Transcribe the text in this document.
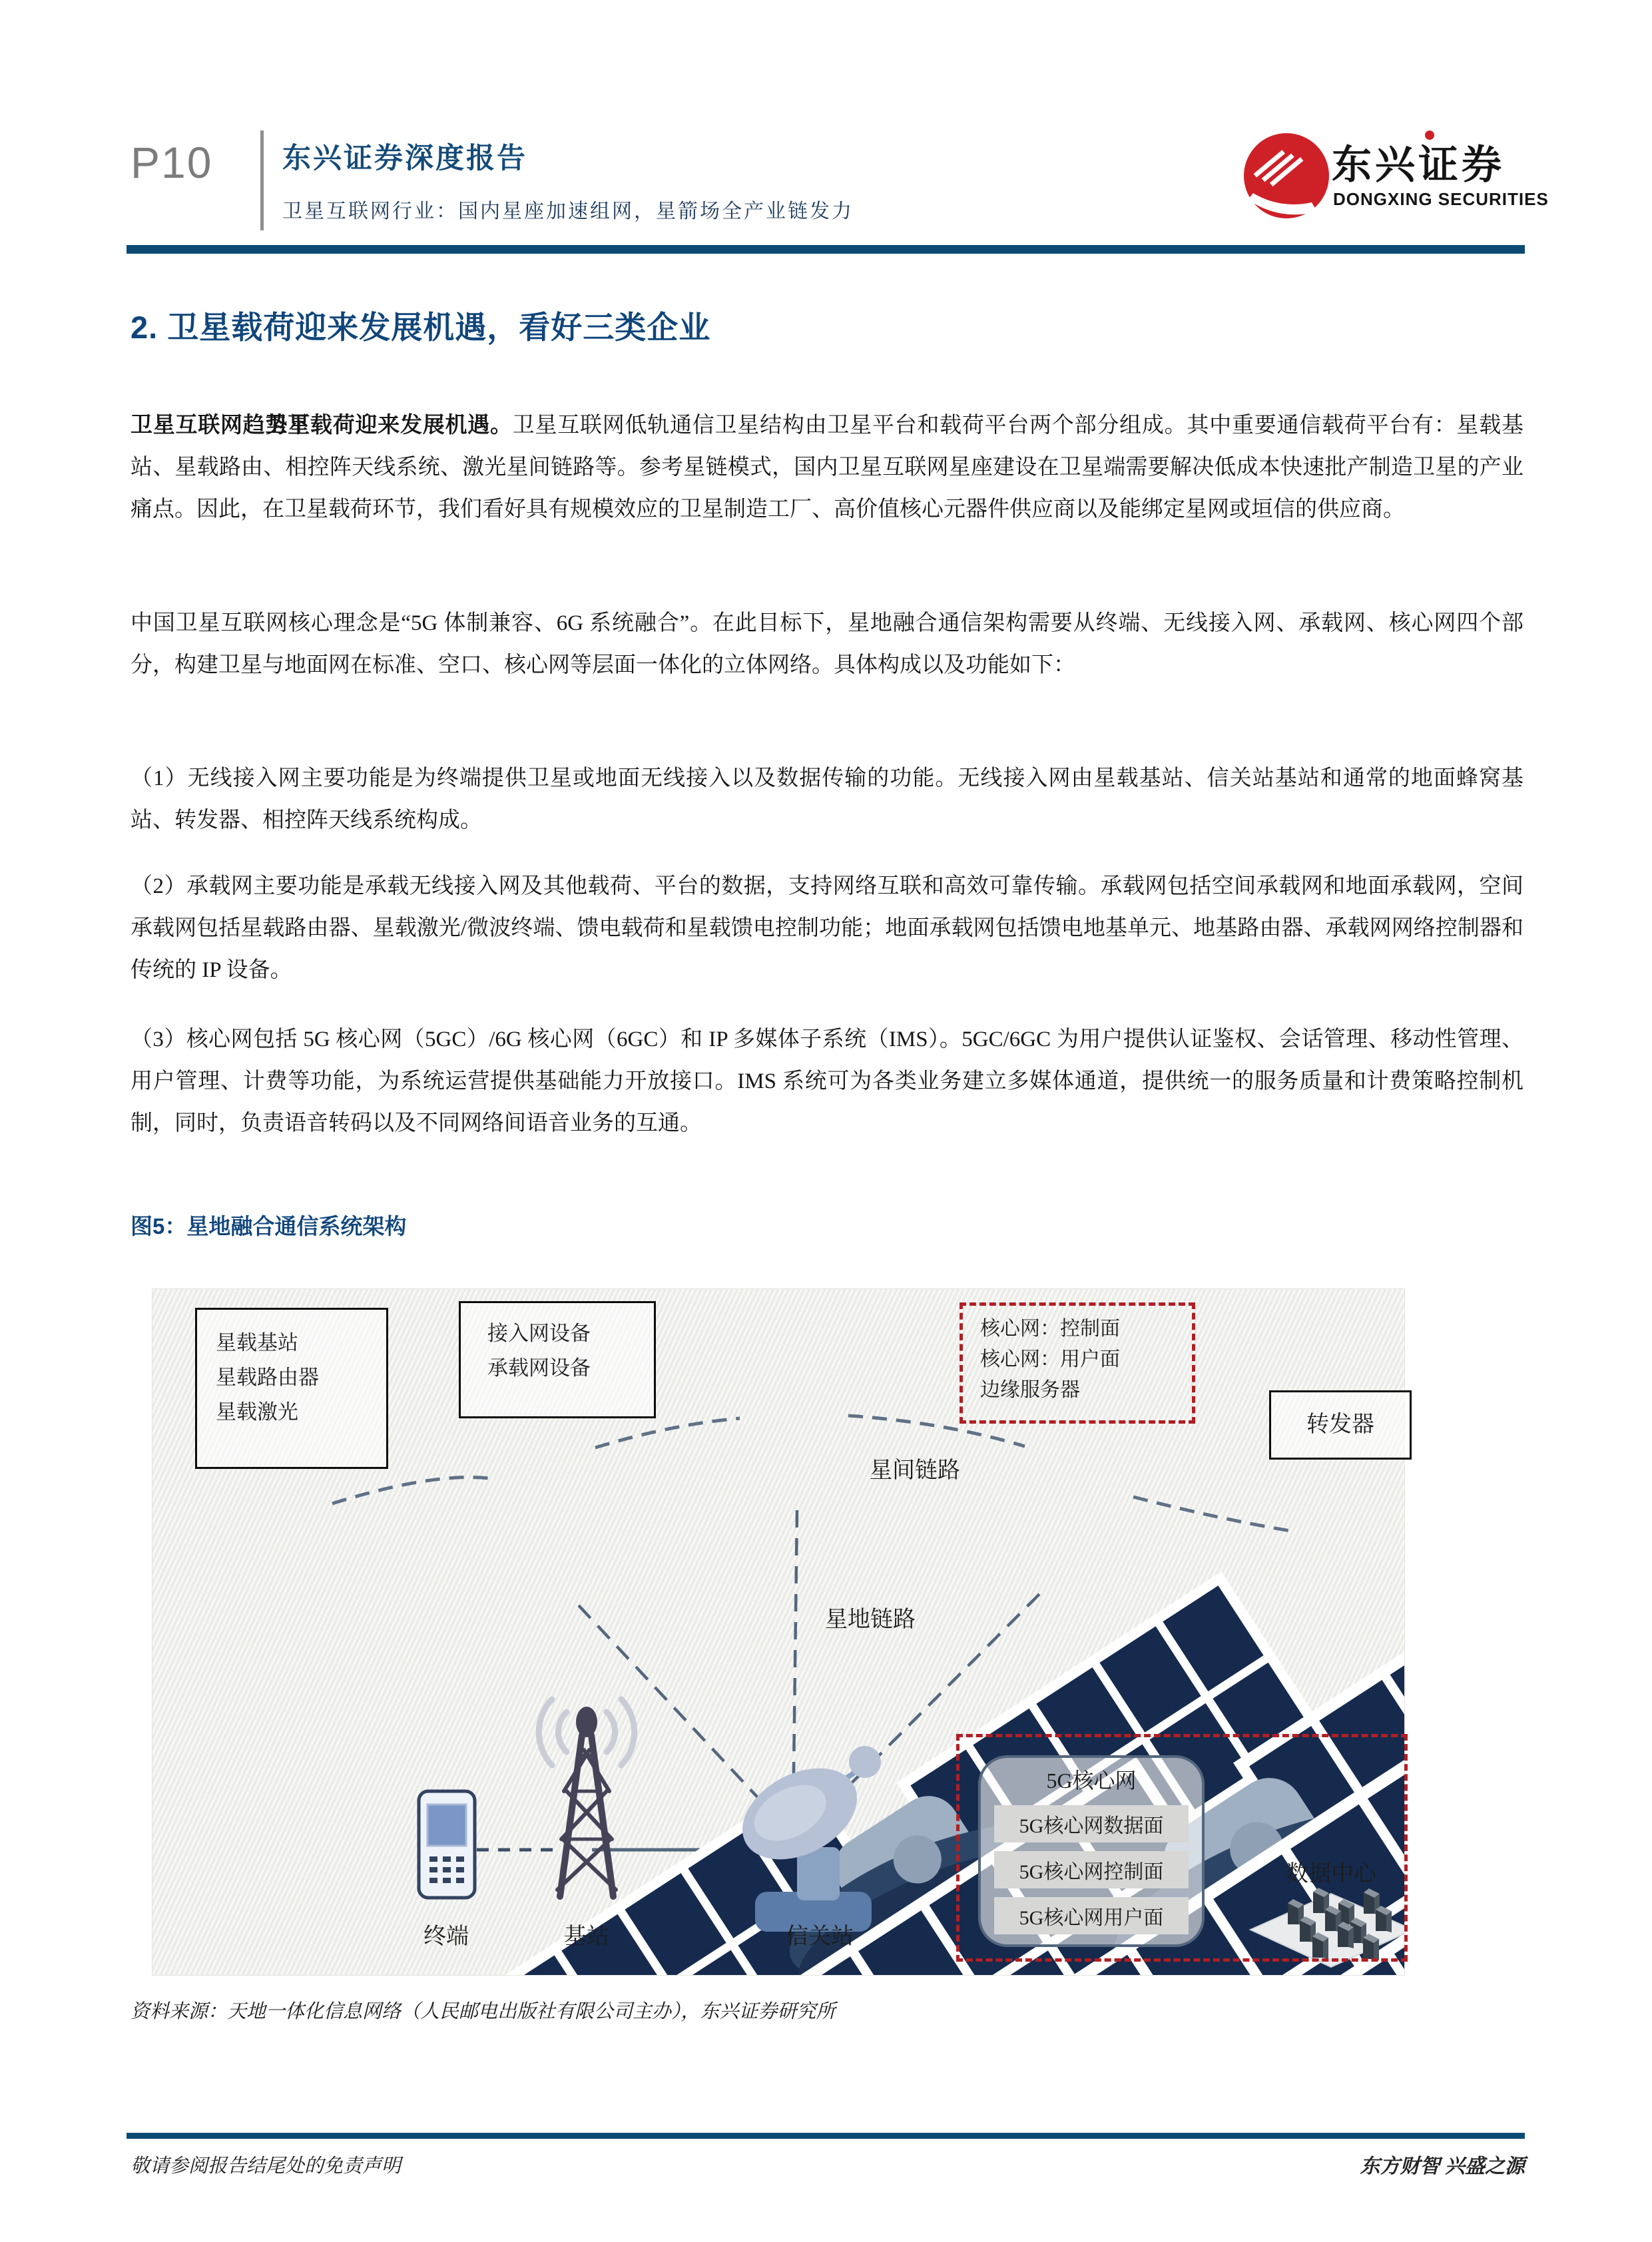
P10 东兴证券深度报告
卫星互联网行业：国内星座加速组网，星箭场全产业链发力
东兴证券
DONGXING SECURITIES
2. 卫星载荷迎来发展机遇，看好三类企业
卫星互联网趋势下卫星载荷迎来发展机遇。卫星互联网低轨通信卫星结构由卫星平台和载荷平台两个部分组成。其中重要通信载荷平台有：星载基站、星载路由、相控阵天线系统、激光星间链路等。参考星链模式，国内卫星互联网星座建设在卫星端需要解决低成本快速批产制造卫星的产业痛点。因此，在卫星载荷环节，我们看好具有规模效应的卫星制造工厂、高价值核心元器件供应商以及能绑定星网或垣信的供应商。
中国卫星互联网核心理念是“5G 体制兼容、6G 系统融合”。在此目标下，星地融合通信架构需要从终端、无线接入网、承载网、核心网四个部分，构建卫星与地面网在标准、空口、核心网等层面一体化的立体网络。具体构成以及功能如下：
（1）无线接入网主要功能是为终端提供卫星或地面无线接入以及数据传输的功能。无线接入网由星载基站、信关站基站和通常的地面蜂窝基站、转发器、相控阵天线系统构成。
（2）承载网主要功能是承载无线接入网及其他载荷、平台的数据，支持网络互联和高效可靠传输。承载网包括空间承载网和地面承载网，空间承载网包括星载路由器、星载激光/微波终端、馈电载荷和星载馈电控制功能；地面承载网包括馈电地基单元、地基路由器、承载网网络控制器和传统的 IP 设备。
（3）核心网包括 5G 核心网（5GC）/6G 核心网（6GC）和 IP 多媒体子系统（IMS）。5GC/6GC 为用户提供认证鉴权、会话管理、移动性管理、用户管理、计费等功能，为系统运营提供基础能力开放接口。IMS 系统可为各类业务建立多媒体通道，提供统一的服务质量和计费策略控制机制，同时，负责语音转码以及不同网络间语音业务的互通。
图5：星地融合通信系统架构
星载基站
星载路由器
星载激光
接入网设备
承载网设备
核心网：控制面
核心网：用户面
边缘服务器
转发器
星间链路
星地链路
终端	基站	信关站
5G核心网
5G核心网数据面
5G核心网控制面
5G核心网用户面
数据中心
资料来源：天地一体化信息网络（人民邮电出版社有限公司主办），东兴证券研究所
敬请参阅报告结尾处的免责声明	东方财智 兴盛之源
